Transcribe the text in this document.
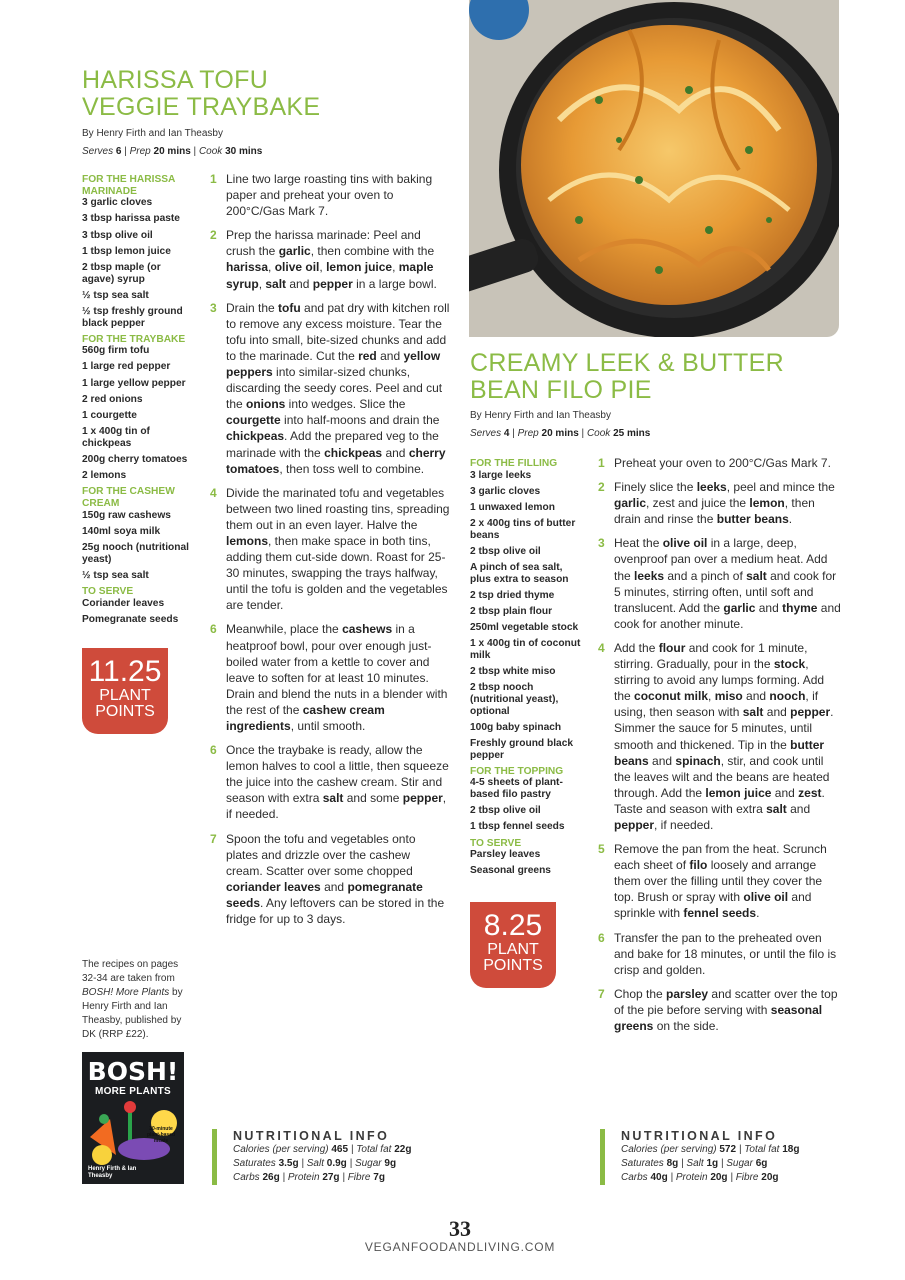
HARISSA TOFU
VEGGIE TRAYBAKE
By Henry Firth and Ian Theasby
Serves 6 | Prep 20 mins | Cook 30 mins
FOR THE HARISSA MARINADE
3 garlic cloves
3 tbsp harissa paste
3 tbsp olive oil
1 tbsp lemon juice
2 tbsp maple (or agave) syrup
½ tsp sea salt
½ tsp freshly ground black pepper
FOR THE TRAYBAKE
560g firm tofu
1 large red pepper
1 large yellow pepper
2 red onions
1 courgette
1 x 400g tin of chickpeas
200g cherry tomatoes
2 lemons
FOR THE CASHEW CREAM
150g raw cashews
140ml soya milk
25g nooch (nutritional yeast)
½ tsp sea salt
TO SERVE
Coriander leaves
Pomegranate seeds
11.25
PLANT
POINTS
1 Line two large roasting tins with baking paper and preheat your oven to 200°C/Gas Mark 7.
2 Prep the harissa marinade: Peel and crush the garlic, then combine with the harissa, olive oil, lemon juice, maple syrup, salt and pepper in a large bowl.
3 Drain the tofu and pat dry with kitchen roll to remove any excess moisture. Tear the tofu into small, bite-sized chunks and add to the marinade. Cut the red and yellow peppers into similar-sized chunks, discarding the seedy cores. Peel and cut the onions into wedges. Slice the courgette into half-moons and drain the chickpeas. Add the prepared veg to the marinade with the chickpeas and cherry tomatoes, then toss well to combine.
4 Divide the marinated tofu and vegetables between two lined roasting tins, spreading them out in an even layer. Halve the lemons, then make space in both tins, adding them cut-side down. Roast for 25-30 minutes, swapping the trays halfway, until the tofu is golden and the vegetables are tender.
6 Meanwhile, place the cashews in a heatproof bowl, pour over enough just-boiled water from a kettle to cover and leave to soften for at least 10 minutes. Drain and blend the nuts in a blender with the rest of the cashew cream ingredients, until smooth.
6 Once the traybake is ready, allow the lemon halves to cool a little, then squeeze the juice into the cashew cream. Stir and season with extra salt and some pepper, if needed.
7 Spoon the tofu and vegetables onto plates and drizzle over the cashew cream. Scatter over some chopped coriander leaves and pomegranate seeds. Any leftovers can be stored in the fridge for up to 3 days.
The recipes on pages 32-34 are taken from BOSH! More Plants by Henry Firth and Ian Theasby, published by DK (RRP £22).
BOSH!
MORE PLANTS
30-minute plant-based meals
Henry Firth & Ian Theasby
NUTRITIONAL INFO
Calories (per serving) 465 | Total fat 22g
Saturates 3.5g | Salt 0.9g | Sugar 9g
Carbs 26g | Protein 27g | Fibre 7g
CREAMY LEEK & BUTTER
BEAN FILO PIE
By Henry Firth and Ian Theasby
Serves 4 | Prep 20 mins | Cook 25 mins
FOR THE FILLING
3 large leeks
3 garlic cloves
1 unwaxed lemon
2 x 400g tins of butter beans
2 tbsp olive oil
A pinch of sea salt, plus extra to season
2 tsp dried thyme
2 tbsp plain flour
250ml vegetable stock
1 x 400g tin of coconut milk
2 tbsp white miso
2 tbsp nooch (nutritional yeast), optional
100g baby spinach
Freshly ground black pepper
FOR THE TOPPING
4-5 sheets of plant-based filo pastry
2 tbsp olive oil
1 tbsp fennel seeds
TO SERVE
Parsley leaves
Seasonal greens
8.25
PLANT
POINTS
1 Preheat your oven to 200°C/Gas Mark 7.
2 Finely slice the leeks, peel and mince the garlic, zest and juice the lemon, then drain and rinse the butter beans.
3 Heat the olive oil in a large, deep, ovenproof pan over a medium heat. Add the leeks and a pinch of salt and cook for 5 minutes, stirring often, until soft and translucent. Add the garlic and thyme and cook for another minute.
4 Add the flour and cook for 1 minute, stirring. Gradually, pour in the stock, stirring to avoid any lumps forming. Add the coconut milk, miso and nooch, if using, then season with salt and pepper. Simmer the sauce for 5 minutes, until smooth and thickened. Tip in the butter beans and spinach, stir, and cook until the leaves wilt and the beans are heated through. Add the lemon juice and zest. Taste and season with extra salt and pepper, if needed.
5 Remove the pan from the heat. Scrunch each sheet of filo loosely and arrange them over the filling until they cover the top. Brush or spray with olive oil and sprinkle with fennel seeds.
6 Transfer the pan to the preheated oven and bake for 18 minutes, or until the filo is crisp and golden.
7 Chop the parsley and scatter over the top of the pie before serving with seasonal greens on the side.
NUTRITIONAL INFO
Calories (per serving) 572 | Total fat 18g
Saturates 8g | Salt 1g | Sugar 6g
Carbs 40g | Protein 20g | Fibre 20g
33
VEGANFOODANDLIVING.COM
